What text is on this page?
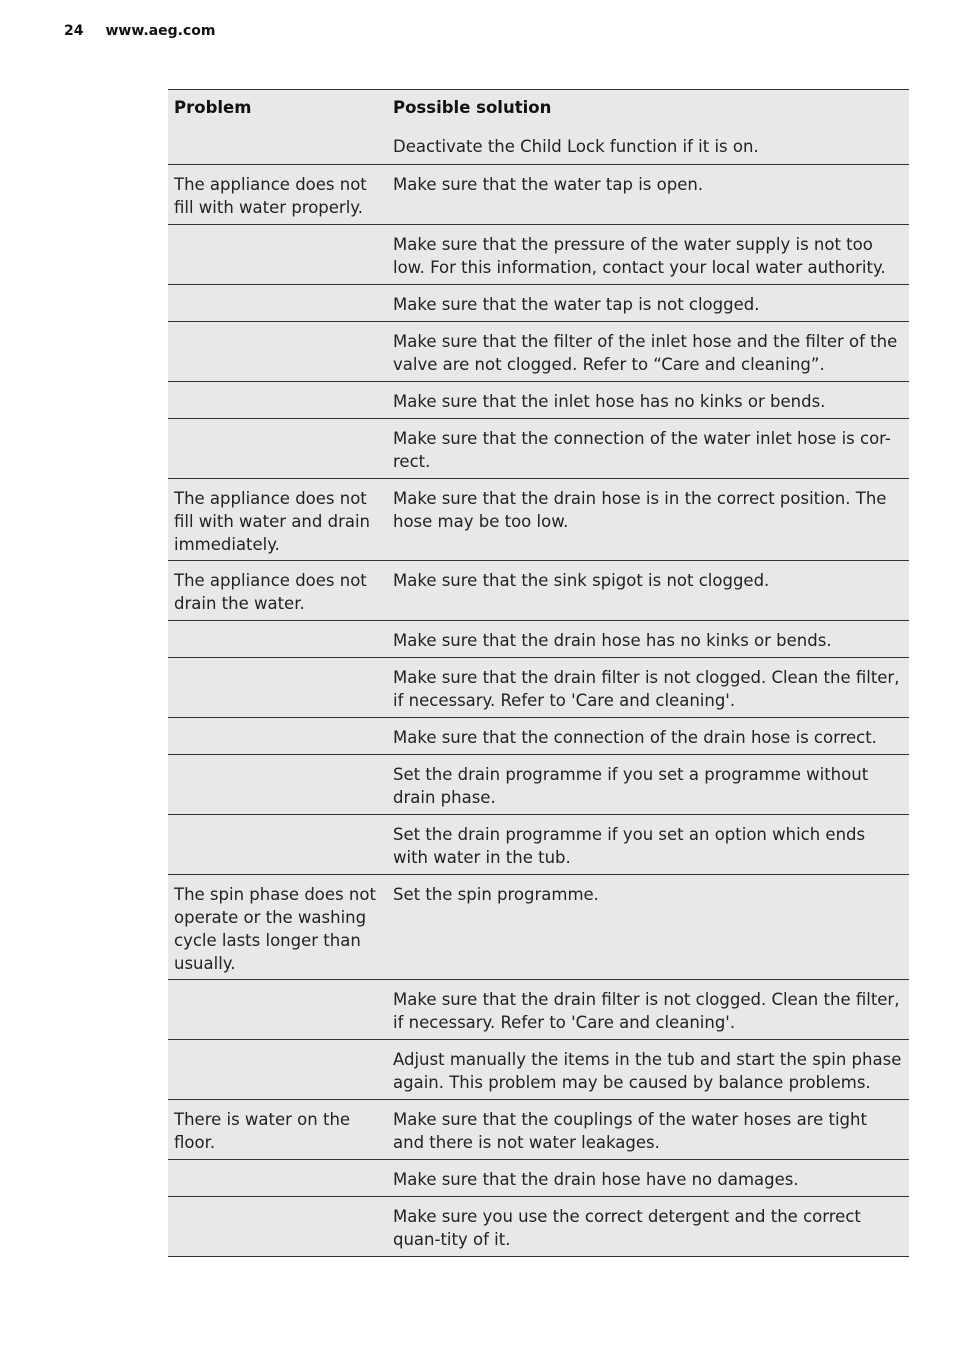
24 www.aeg.com
Problem	Possible solution
Deactivate the Child Lock function if it is on.
The appliance does not fill with water properly.
Make sure that the water tap is open.
Make sure that the pressure of the water supply is not too low. For this information, contact your local water authority.
Make sure that the water tap is not clogged.
Make sure that the filter of the inlet hose and the filter of the valve are not clogged. Refer to “Care and cleaning”.
Make sure that the inlet hose has no kinks or bends.
Make sure that the connection of the water inlet hose is cor-rect.
The appliance does not fill with water and drain immediately.
Make sure that the drain hose is in the correct position. The hose may be too low.
The appliance does not drain the water.
Make sure that the sink spigot is not clogged.
Make sure that the drain hose has no kinks or bends.
Make sure that the drain filter is not clogged. Clean the filter, if necessary. Refer to 'Care and cleaning'.
Make sure that the connection of the drain hose is correct.
Set the drain programme if you set a programme without drain phase.
Set the drain programme if you set an option which ends with water in the tub.
The spin phase does not operate or the washing cycle lasts longer than usually.
Set the spin programme.
Make sure that the drain filter is not clogged. Clean the filter, if necessary. Refer to 'Care and cleaning'.
Adjust manually the items in the tub and start the spin phase again. This problem may be caused by balance problems.
There is water on the floor.
Make sure that the couplings of the water hoses are tight and there is not water leakages.
Make sure that the drain hose have no damages.
Make sure you use the correct detergent and the correct quan-tity of it.
